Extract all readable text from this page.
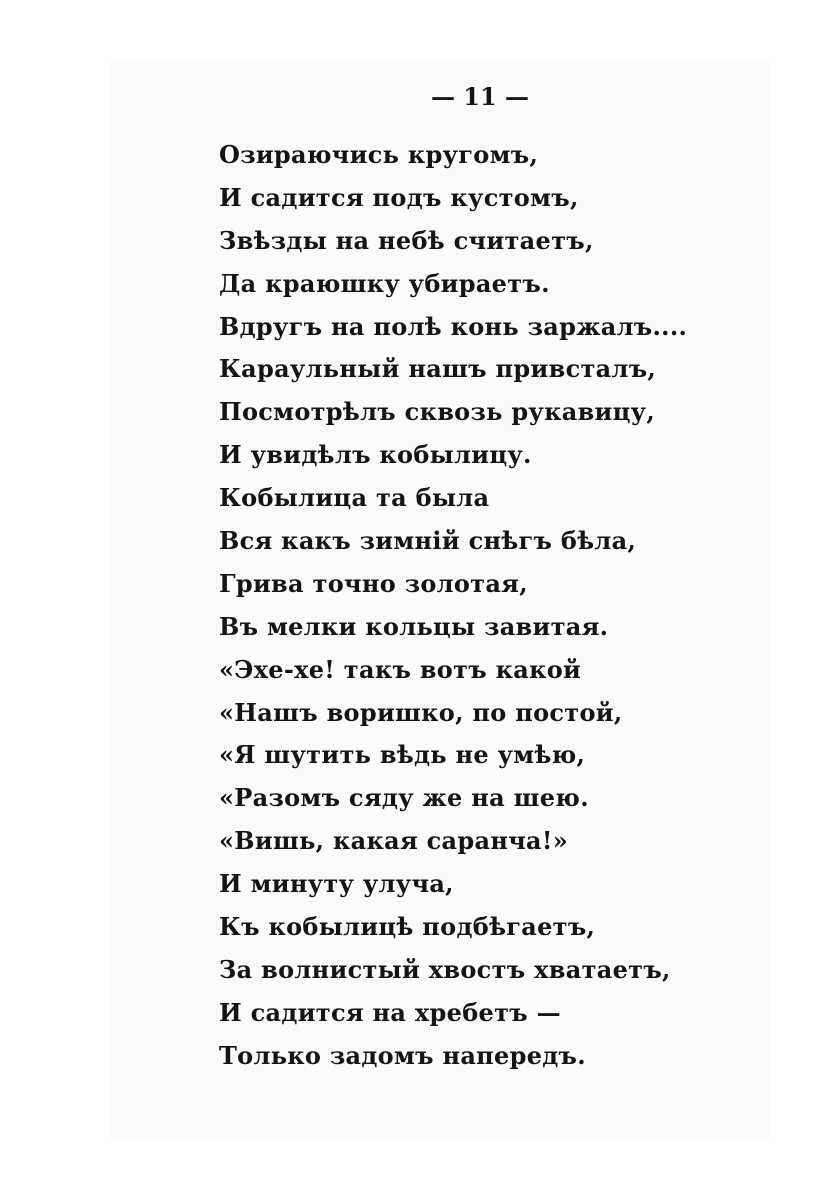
— 11 —
Озираючись кругомъ,
И садится подъ кустомъ,
Звѣзды на небѣ считаетъ,
Да краюшку убираетъ.
Вдругъ на полѣ конь заржалъ....
Караульный нашъ привсталъ,
Посмотрѣлъ сквозь рукавицу,
И увидѣлъ кобылицу.
Кобылица та была
Вся какъ зимній снѣгъ бѣла,
Грива точно золотая,
Въ мелки кольцы завитая.
«Эхе-хе! такъ вотъ какой
«Нашъ воришко, по постой,
«Я шутить вѣдь не умѣю,
«Разомъ сяду же на шею.
«Вишь, какая саранча!»
И минуту улуча,
Къ кобылицѣ подбѣгаетъ,
За волнистый хвостъ хватаетъ,
И садится на хребетъ —
Только задомъ напередъ.
